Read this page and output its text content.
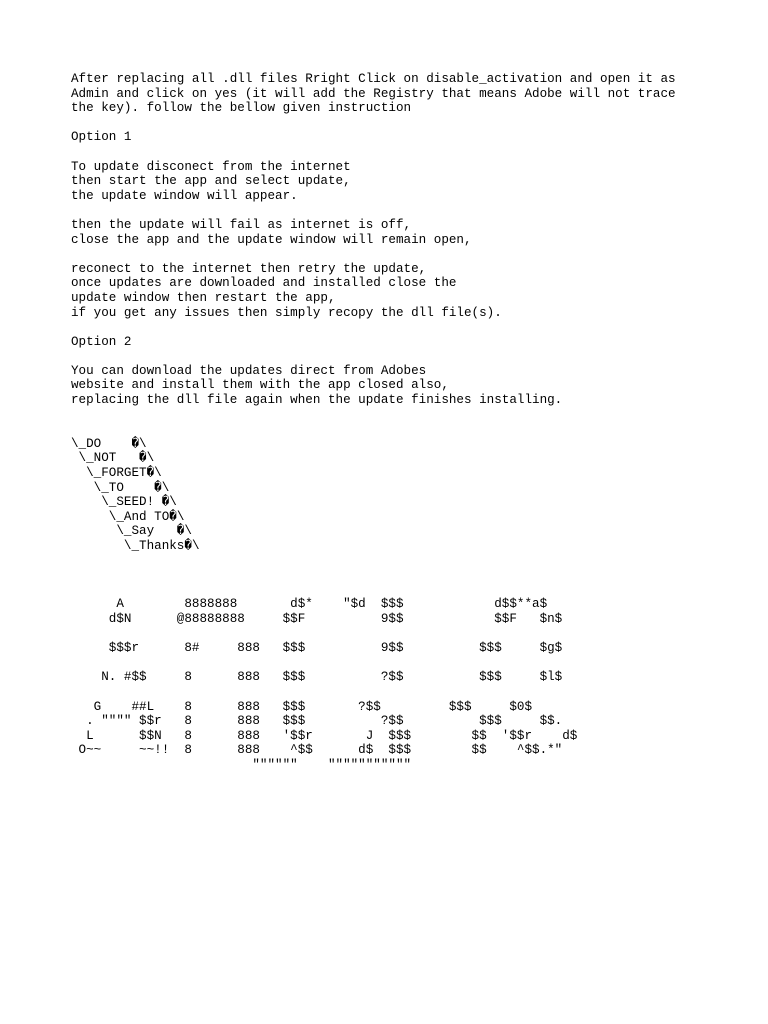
After replacing all .dll files Rright Click on disable_activation and open it as
Admin and click on yes (it will add the Registry that means Adobe will not trace
the key). follow the bellow given instruction
Option 1
To update disconect from the internet
then start the app and select update,
the update window will appear.
then the update will fail as internet is off,
close the app and the update window will remain open,
reconect to the internet then retry the update,
once updates are downloaded and installed close the
update window then restart the app,
if you get any issues then simply recopy the dll file(s).
Option 2
You can download the updates direct from Adobes
website and install them with the app closed also,
replacing the dll file again when the update finishes installing.
\_DO    �\
\_NOT   �\
\_FORGET�\
\_TO    �\
\_SEED! �\
\_And TO�\
\_Say   �\
\_Thanks�\
A        8888888       d$*    "$d  $$$            d$$**a$
d$N      @88888888     $$F          9$$            $$F   $n$
$$$r      8#     888   $$$          9$$          $$$     $g$
N. #$$     8      888   $$$          ?$$          $$$     $l$
G    ##L    8      888   $$$       ?$$         $$$     $0$
. """" $$r   8      888   $$$          ?$$          $$$     $$.
L      $$N   8      888   '$$r       J  $$$        $$  '$$r    d$
O~~     ~~!!  8      888    ^$$      d$  $$$        $$    ^$$.*"
""""""    """""""""""
